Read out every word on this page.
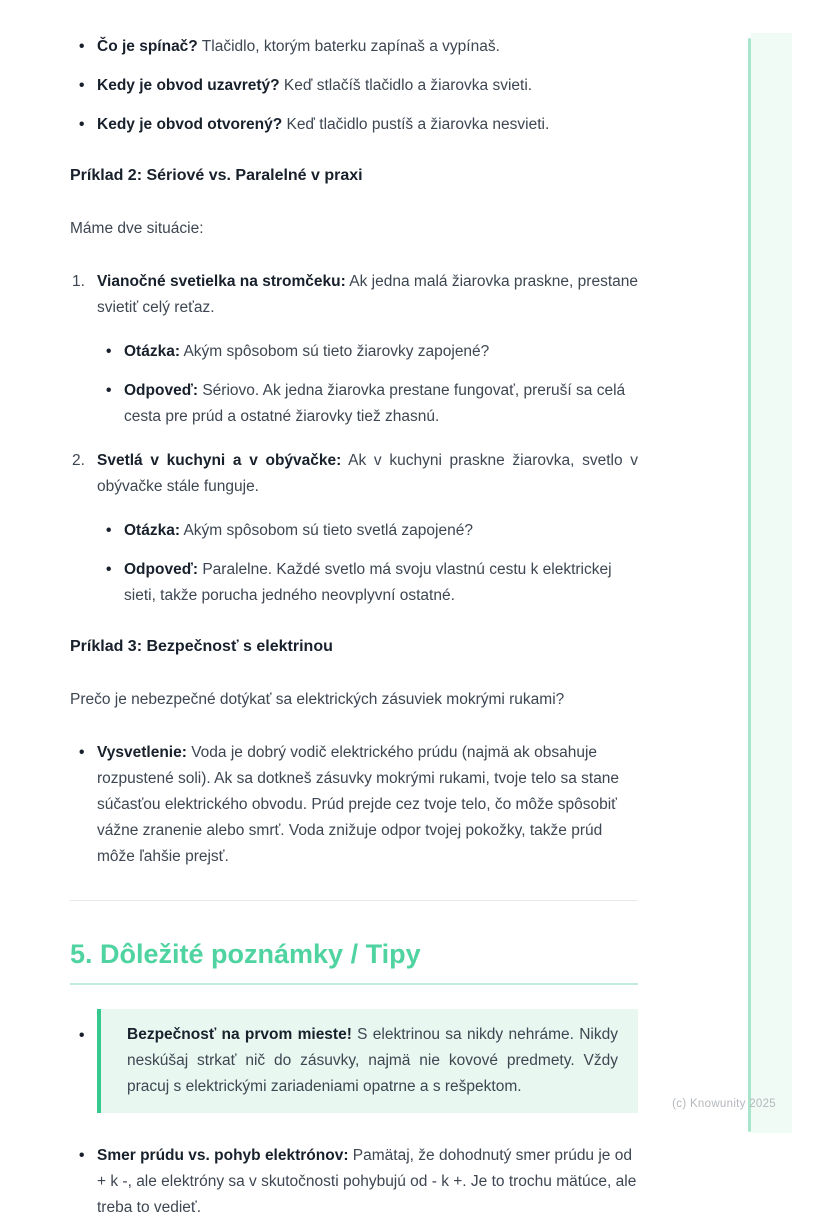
• Čo je spínač? Tlačidlo, ktorým baterku zapínaš a vypínaš.
• Kedy je obvod uzavretý? Keď stlačíš tlačidlo a žiarovka svieti.
• Kedy je obvod otvorený? Keď tlačidlo pustíš a žiarovka nesvieti.
Príklad 2: Sériové vs. Paralelné v praxi

Máme dve situácie:

Vianočné svetielka na stromčeku: Ak jedna malá žiarovka praskne, prestane svietiť celý reťaz.
• Otázka: Akým spôsobom sú tieto žiarovky zapojené?
• Odpoveď: Sériovo. Ak jedna žiarovka prestane fungovať, preruší sa celá cesta pre prúd a ostatné žiarovky tiež zhasnú.
Svetlá v kuchyni a v obývačke: Ak v kuchyni praskne žiarovka, svetlo v obývačke stále funguje.
• Otázka: Akým spôsobom sú tieto svetlá zapojené?
• Odpoveď: Paralelne. Každé svetlo má svoju vlastnú cestu k elektrickej sieti, takže porucha jedného neovplyvní ostatné.
Príklad 3: Bezpečnosť s elektrinou

Prečo je nebezpečné dotýkať sa elektrických zásuviek mokrými rukami?

• Vysvetlenie: Voda je dobrý vodič elektrického prúdu (najmä ak obsahuje rozpustené soli). Ak sa dotkneš zásuvky mokrými rukami, tvoje telo sa stane súčasťou elektrického obvodu. Prúd prejde cez tvoje telo, čo môže spôsobiť vážne zranenie alebo smrť. Voda znižuje odpor tvojej pokožky, takže prúd môže ľahšie prejsť.
5. Dôležité poznámky / Tipy
• Bezpečnosť na prvom mieste! S elektrinou sa nikdy nehráme. Nikdy neskúšaj strkať nič do zásuvky, najmä nie kovové predmety. Vždy pracuj s elektrickými zariadeniami opatrne a s rešpektom.
• Smer prúdu vs. pohyb elektrónov: Pamätaj, že dohodnutý smer prúdu je od + k -, ale elektróny sa v skutočnosti pohybujú od - k +. Je to trochu mätúce, ale treba to vedieť.
(c) Knowunity 2025
